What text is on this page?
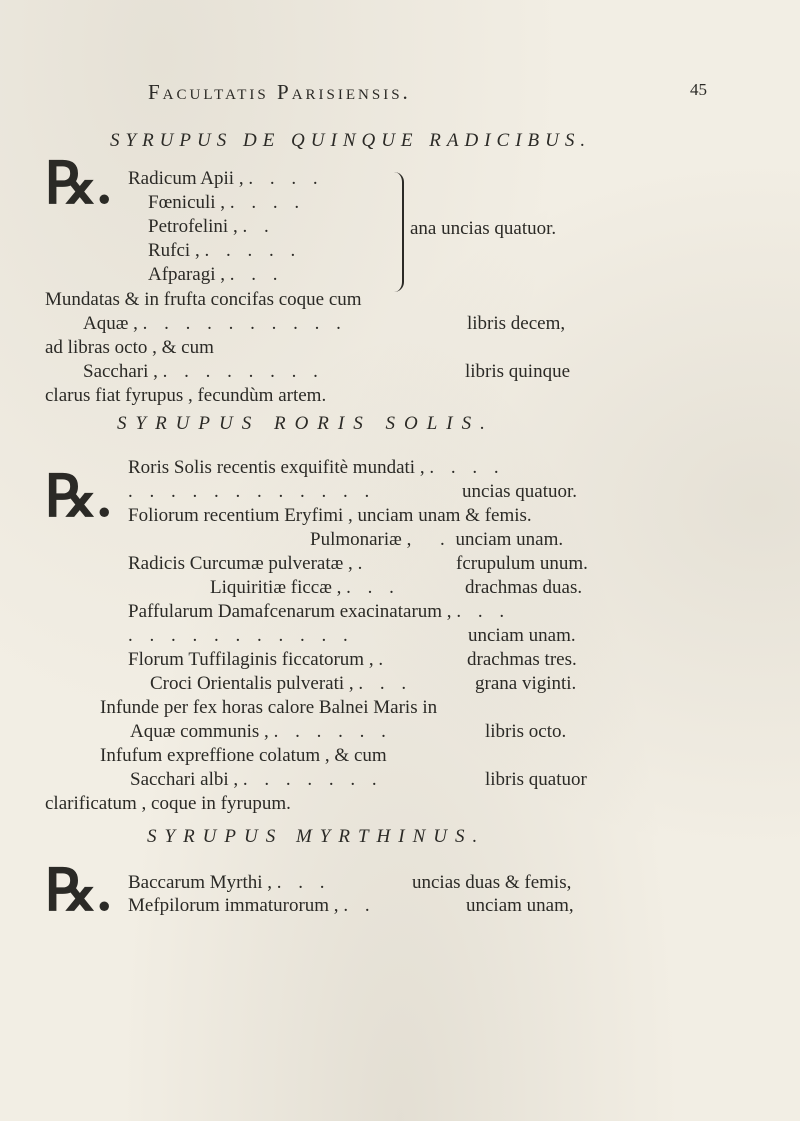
Facultatis Parisiensis.	45
SYRUPUS DE QUINQUE RADICIBUS.
℞. Radicum Apii , . . . .
Fœniculi , . . . .
Petrofelini , . .
Rufci , . . . . .
Afparagi , . . .
ana uncias quatuor.
Mundatas & in frufta concifas coque cum
Aquæ , . . . . . . . . . .	libris decem,
ad libras octo , & cum
Sacchari , . . . . . . . .	libris quinque
clarus fiat fyrupus , fecundùm artem.
SYRUPUS RORIS SOLIS.
℞. Roris Solis recentis exquifitè mundati , . . . .
. . . . . . . . . . . .	uncias quatuor.
Foliorum recentium Eryfimi , unciam unam & femis.
Pulmonariæ , . unciam unam.
Radicis Curcumæ pulveratæ , .	fcrupulum unum.
Liquiritiæ ficcæ , . . .	drachmas duas.
Paffularum Damafcenarum exacinatarum , . . .
. . . . . . . . . . .	unciam unam.
Florum Tuffilaginis ficcatorum , .	drachmas tres.
Croci Orientalis pulverati , . . .	grana viginti.
Infunde per fex horas calore Balnei Maris in
Aquæ communis , . . . . . .	libris octo.
Infufum expreffione colatum , & cum
Sacchari albi , . . . . . . .	libris quatuor
clarificatum , coque in fyrupum.
SYRUPUS MYRTHINUS.
℞. Baccarum Myrthi , . . .	uncias duas & femis,
Mefpilorum immaturorum , . .	unciam unam,
